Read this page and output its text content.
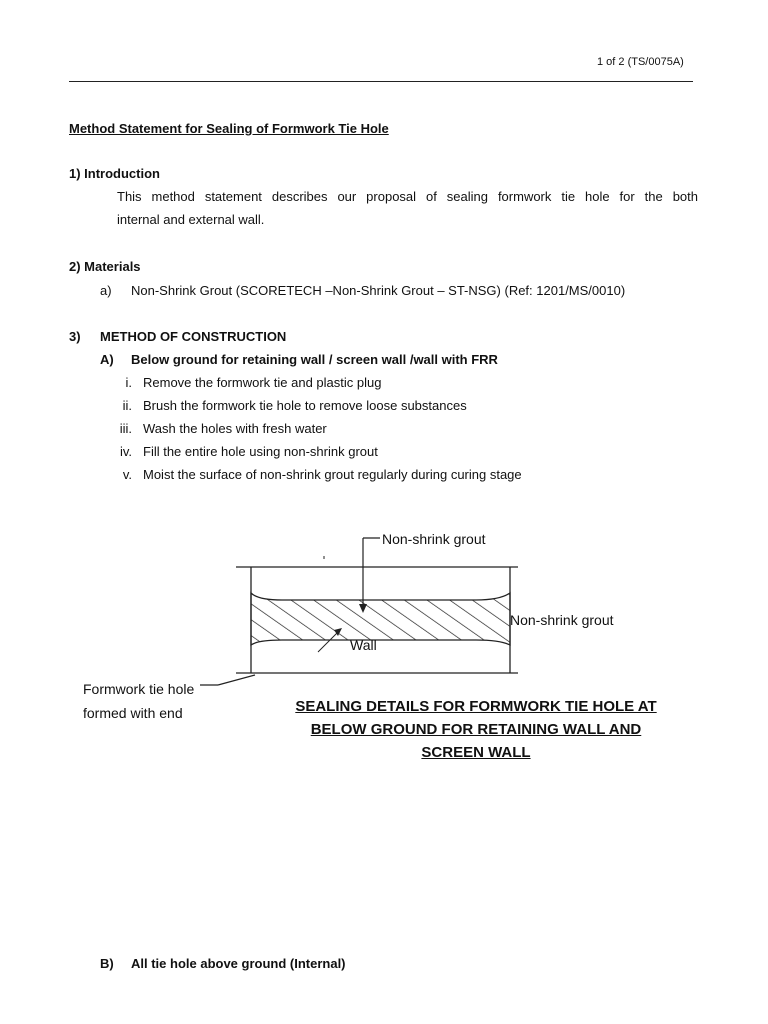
1 of 2 (TS/0075A)
Method Statement for Sealing of Formwork Tie Hole
1) Introduction
This method statement describes our proposal of sealing formwork tie hole for the both
internal and external wall.
2) Materials
a) Non-Shrink Grout (SCORETECH –Non-Shrink Grout – ST-NSG) (Ref: 1201/MS/0010)
3) METHOD OF CONSTRUCTION
A) Below ground for retaining wall / screen wall /wall with FRR
i. Remove the formwork tie and plastic plug
ii. Brush the formwork tie hole to remove loose substances
iii. Wash the holes with fresh water
iv. Fill the entire hole using non-shrink grout
v. Moist the surface of non-shrink grout regularly during curing stage
Non-shrink grout
Non-shrink grout
Wall
Formwork tie hole
formed with end	SEALING DETAILS FOR FORMWORK TIE HOLE AT
BELOW GROUND FOR RETAINING WALL AND
SCREEN WALL
B) All tie hole above ground (Internal)
